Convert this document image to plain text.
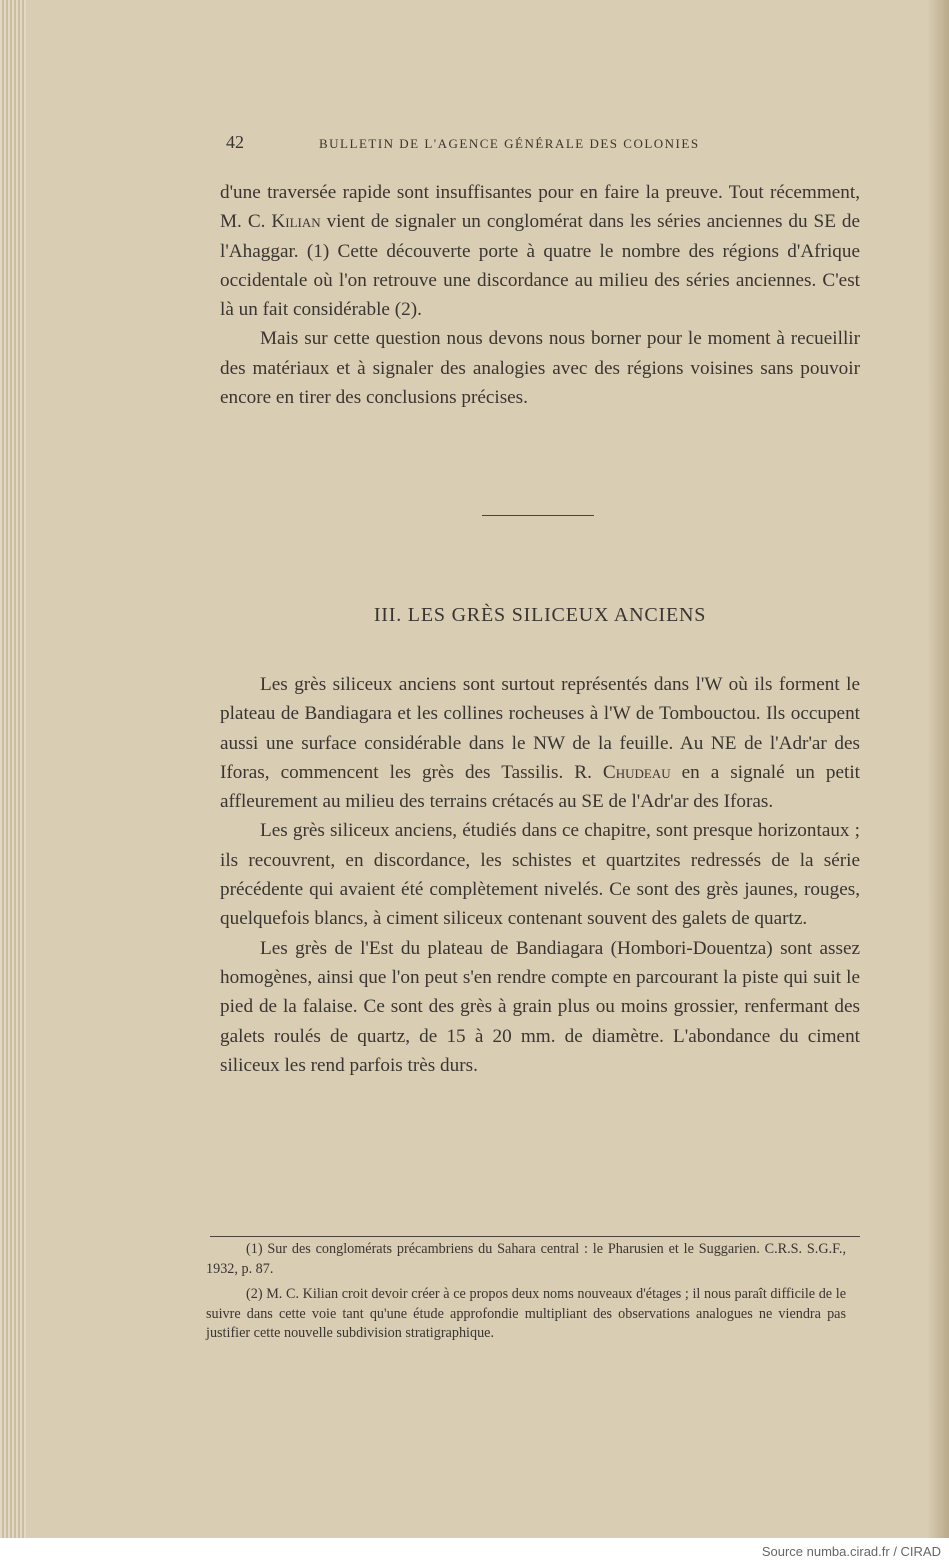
42	BULLETIN DE L'AGENCE GÉNÉRALE DES COLONIES

d'une traversée rapide sont insuffisantes pour en faire la preuve. Tout récemment, M. C. Kilian vient de signaler un conglomérat dans les séries anciennes du SE de l'Ahaggar. (1) Cette découverte porte à quatre le nombre des régions d'Afrique occidentale où l'on retrouve une discordance au milieu des séries anciennes. C'est là un fait considérable (2).

Mais sur cette question nous devons nous borner pour le moment à recueillir des matériaux et à signaler des analogies avec des régions voisines sans pouvoir encore en tirer des conclusions précises.

III. LES GRÈS SILICEUX ANCIENS

Les grès siliceux anciens sont surtout représentés dans l'W où ils forment le plateau de Bandiagara et les collines rocheuses à l'W de Tombouctou. Ils occupent aussi une surface considérable dans le NW de la feuille. Au NE de l'Adr'ar des Iforas, commencent les grès des Tassilis. R. Chudeau en a signalé un petit affleurement au milieu des terrains crétacés au SE de l'Adr'ar des Iforas.

Les grès siliceux anciens, étudiés dans ce chapitre, sont presque horizontaux ; ils recouvrent, en discordance, les schistes et quartzites redressés de la série précédente qui avaient été complètement nivelés. Ce sont des grès jaunes, rouges, quelquefois blancs, à ciment siliceux contenant souvent des galets de quartz.

Les grès de l'Est du plateau de Bandiagara (Hombori-Douentza) sont assez homogènes, ainsi que l'on peut s'en rendre compte en parcourant la piste qui suit le pied de la falaise. Ce sont des grès à grain plus ou moins grossier, renfermant des galets roulés de quartz, de 15 à 20 mm. de diamètre. L'abondance du ciment siliceux les rend parfois très durs.

(1) Sur des conglomérats précambriens du Sahara central : le Pharusien et le Suggarien. C.R.S. S.G.F., 1932, p. 87.

(2) M. C. Kilian croit devoir créer à ce propos deux noms nouveaux d'étages ; il nous paraît difficile de le suivre dans cette voie tant qu'une étude approfondie multipliant des observations analogues ne viendra pas justifier cette nouvelle subdivision stratigraphique.

Source numba.cirad.fr / CIRAD
